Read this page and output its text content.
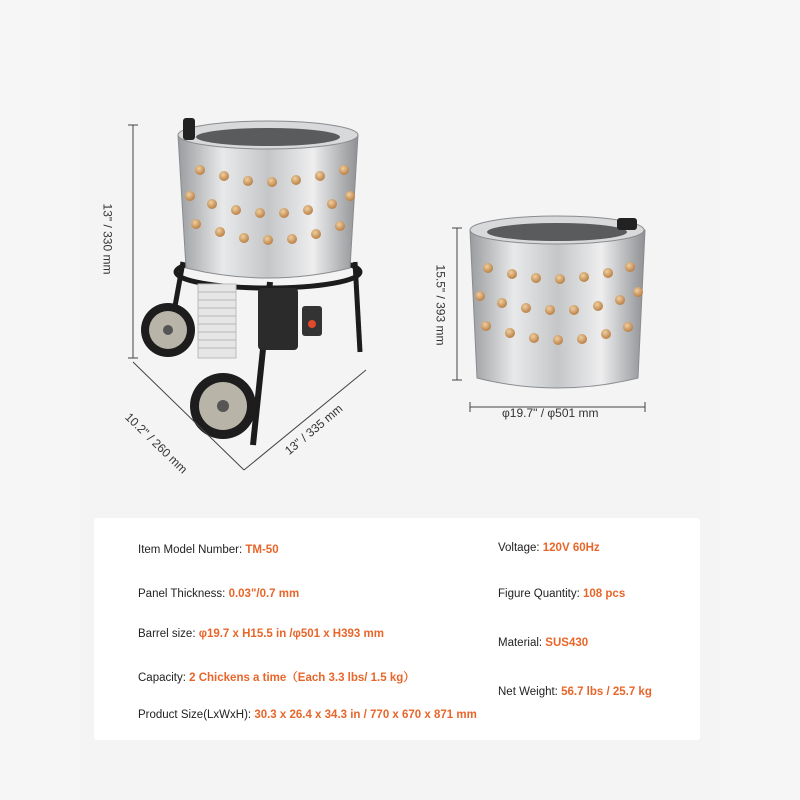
13" / 330 mm
10.2" / 260 mm	13" / 335 mm
15.5" / 393 mm
φ19.7" / φ501 mm
Item Model Number: TM-50
Panel Thickness: 0.03"/0.7 mm
Barrel size: φ19.7 x H15.5 in /φ501 x H393 mm
Capacity: 2 Chickens a time（Each 3.3 lbs/ 1.5 kg）
Product Size(LxWxH): 30.3 x 26.4 x 34.3 in / 770 x 670 x 871 mm
Voltage: 120V 60Hz
Figure Quantity: 108 pcs
Material: SUS430
Net Weight: 56.7 lbs / 25.7 kg
